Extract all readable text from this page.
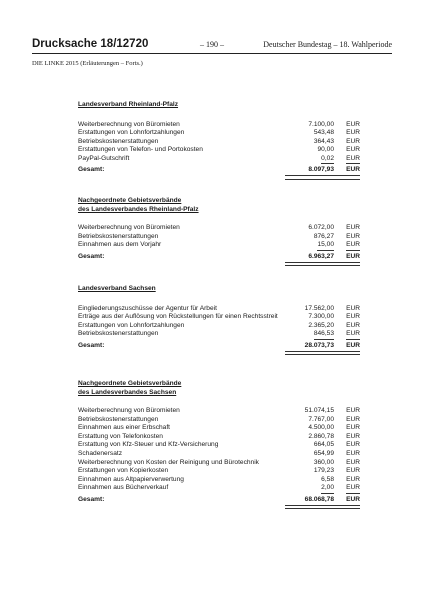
Drucksache 18/12720	– 190 –	Deutscher Bundestag – 18. Wahlperiode
DIE LINKE 2015 (Erläuterungen – Forts.)
Landesverband Rheinland-Pfalz
Weiterberechnung von Büromieten	7.100,00 EUR
Erstattungen von Lohnfortzahlungen	543,48 EUR
Betriebskostenerstattungen	364,43 EUR
Erstattungen von Telefon- und Portokosten	90,00 EUR
PayPal-Gutschrift	0,02 EUR
Gesamt:	8.097,93 EUR
Nachgeordnete Gebietsverbände
des Landesverbandes Rheinland-Pfalz
Weiterberechnung von Büromieten	6.072,00 EUR
Betriebskostenerstattungen	876,27 EUR
Einnahmen aus dem Vorjahr	15,00 EUR
Gesamt:	6.963,27 EUR
Landesverband Sachsen
Eingliederungszuschüsse der Agentur für Arbeit	17.562,00 EUR
Erträge aus der Auflösung von Rückstellungen für einen Rechtsstreit	7.300,00 EUR
Erstattungen von Lohnfortzahlungen	2.365,20 EUR
Betriebskostenerstattungen	846,53 EUR
Gesamt:	28.073,73 EUR
Nachgeordnete Gebietsverbände
des Landesverbandes Sachsen
Weiterberechnung von Büromieten	51.074,15 EUR
Betriebskostenerstattungen	7.767,00 EUR
Einnahmen aus einer Erbschaft	4.500,00 EUR
Erstattung von Telefonkosten	2.860,78 EUR
Erstattung von Kfz-Steuer und Kfz-Versicherung	664,05 EUR
Schadenersatz	654,99 EUR
Weiterberechnung von Kosten der Reinigung und Bürotechnik	360,00 EUR
Erstattungen von Kopierkosten	179,23 EUR
Einnahmen aus Altpapierverwertung	6,58 EUR
Einnahmen aus Bücherverkauf	2,00 EUR
Gesamt:	68.068,78 EUR
